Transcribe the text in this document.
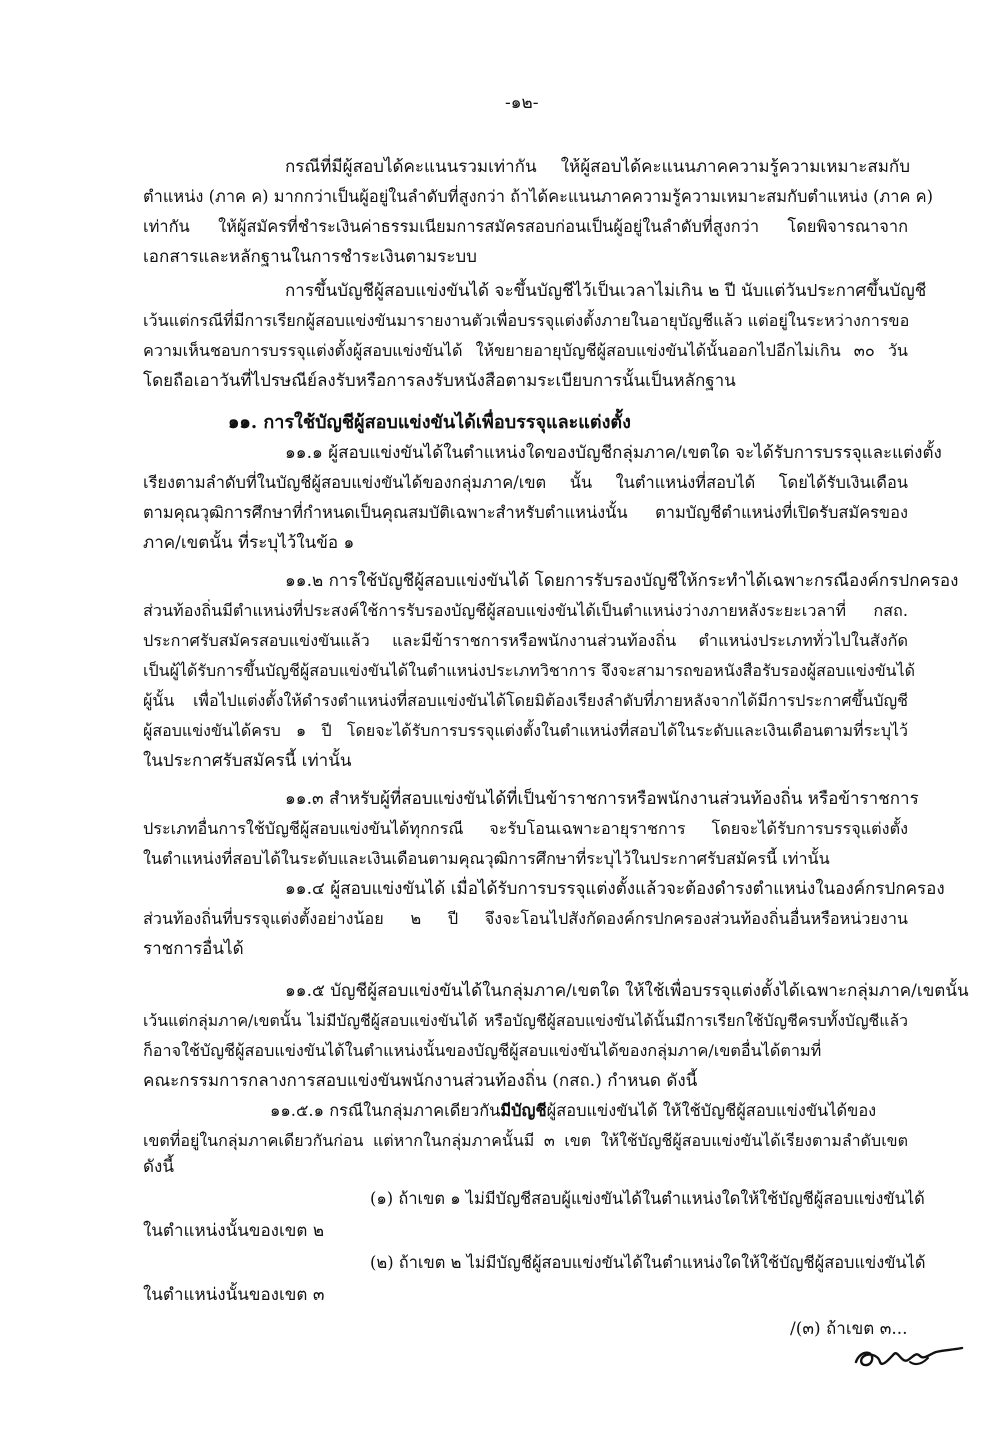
-๑๒-
กรณีที่มีผู้สอบได้คะแนนรวมเท่ากัน ให้ผู้สอบได้คะแนนภาคความรู้ความเหมาะสมกับ
ตำแหน่ง (ภาค ค) มากกว่าเป็นผู้อยู่ในลำดับที่สูงกว่า ถ้าได้คะแนนภาคความรู้ความเหมาะสมกับตำแหน่ง (ภาค ค)
เท่ากัน ให้ผู้สมัครที่ชำระเงินค่าธรรมเนียมการสมัครสอบก่อนเป็นผู้อยู่ในลำดับที่สูงกว่า โดยพิจารณาจาก
เอกสารและหลักฐานในการชำระเงินตามระบบ
การขึ้นบัญชีผู้สอบแข่งขันได้ จะขึ้นบัญชีไว้เป็นเวลาไม่เกิน ๒ ปี นับแต่วันประกาศขึ้นบัญชี
เว้นแต่กรณีที่มีการเรียกผู้สอบแข่งขันมารายงานตัวเพื่อบรรจุแต่งตั้งภายในอายุบัญชีแล้ว แต่อยู่ในระหว่างการขอ
ความเห็นชอบการบรรจุแต่งตั้งผู้สอบแข่งขันได้ ให้ขยายอายุบัญชีผู้สอบแข่งขันได้นั้นออกไปอีกไม่เกิน ๓๐ วัน
โดยถือเอาวันที่ไปรษณีย์ลงรับหรือการลงรับหนังสือตามระเบียบการนั้นเป็นหลักฐาน
๑๑. การใช้บัญชีผู้สอบแข่งขันได้เพื่อบรรจุและแต่งตั้ง
๑๑.๑ ผู้สอบแข่งขันได้ในตำแหน่งใดของบัญชีกลุ่มภาค/เขตใด จะได้รับการบรรจุและแต่งตั้ง
เรียงตามลำดับที่ในบัญชีผู้สอบแข่งขันได้ของกลุ่มภาค/เขต นั้น ในตำแหน่งที่สอบได้ โดยได้รับเงินเดือน
ตามคุณวุฒิการศึกษาที่กำหนดเป็นคุณสมบัติเฉพาะสำหรับตำแหน่งนั้น ตามบัญชีตำแหน่งที่เปิดรับสมัครของ
ภาค/เขตนั้น ที่ระบุไว้ในข้อ ๑
๑๑.๒ การใช้บัญชีผู้สอบแข่งขันได้ โดยการรับรองบัญชีให้กระทำได้เฉพาะกรณีองค์กรปกครอง
ส่วนท้องถิ่นมีตำแหน่งที่ประสงค์ใช้การรับรองบัญชีผู้สอบแข่งขันได้เป็นตำแหน่งว่างภายหลังระยะเวลาที่ กสถ.
ประกาศรับสมัครสอบแข่งขันแล้ว และมีข้าราชการหรือพนักงานส่วนท้องถิ่น ตำแหน่งประเภททั่วไปในสังกัด
เป็นผู้ได้รับการขึ้นบัญชีผู้สอบแข่งขันได้ในตำแหน่งประเภทวิชาการ จึงจะสามารถขอหนังสือรับรองผู้สอบแข่งขันได้
ผู้นั้น เพื่อไปแต่งตั้งให้ดำรงตำแหน่งที่สอบแข่งขันได้โดยมิต้องเรียงลำดับที่ภายหลังจากได้มีการประกาศขึ้นบัญชี
ผู้สอบแข่งขันได้ครบ ๑ ปี โดยจะได้รับการบรรจุแต่งตั้งในตำแหน่งที่สอบได้ในระดับและเงินเดือนตามที่ระบุไว้
ในประกาศรับสมัครนี้ เท่านั้น
๑๑.๓ สำหรับผู้ที่สอบแข่งขันได้ที่เป็นข้าราชการหรือพนักงานส่วนท้องถิ่น หรือข้าราชการ
ประเภทอื่นการใช้บัญชีผู้สอบแข่งขันได้ทุกกรณี จะรับโอนเฉพาะอายุราชการ โดยจะได้รับการบรรจุแต่งตั้ง
ในตำแหน่งที่สอบได้ในระดับและเงินเดือนตามคุณวุฒิการศึกษาที่ระบุไว้ในประกาศรับสมัครนี้ เท่านั้น
๑๑.๔ ผู้สอบแข่งขันได้ เมื่อได้รับการบรรจุแต่งตั้งแล้วจะต้องดำรงตำแหน่งในองค์กรปกครอง
ส่วนท้องถิ่นที่บรรจุแต่งตั้งอย่างน้อย ๒ ปี จึงจะโอนไปสังกัดองค์กรปกครองส่วนท้องถิ่นอื่นหรือหน่วยงาน
ราชการอื่นได้
๑๑.๕ บัญชีผู้สอบแข่งขันได้ในกลุ่มภาค/เขตใด ให้ใช้เพื่อบรรจุแต่งตั้งได้เฉพาะกลุ่มภาค/เขตนั้น
เว้นแต่กลุ่มภาค/เขตนั้น ไม่มีบัญชีผู้สอบแข่งขันได้ หรือบัญชีผู้สอบแข่งขันได้นั้นมีการเรียกใช้บัญชีครบทั้งบัญชีแล้ว
ก็อาจใช้บัญชีผู้สอบแข่งขันได้ในตำแหน่งนั้นของบัญชีผู้สอบแข่งขันได้ของกลุ่มภาค/เขตอื่นได้ตามที่
คณะกรรมการกลางการสอบแข่งขันพนักงานส่วนท้องถิ่น (กสถ.) กำหนด ดังนี้
๑๑.๕.๑ กรณีในกลุ่มภาคเดียวกันมีบัญชีผู้สอบแข่งขันได้ ให้ใช้บัญชีผู้สอบแข่งขันได้ของ
เขตที่อยู่ในกลุ่มภาคเดียวกันก่อน แต่หากในกลุ่มภาคนั้นมี ๓ เขต ให้ใช้บัญชีผู้สอบแข่งขันได้เรียงตามลำดับเขต
ดังนี้
(๑) ถ้าเขต ๑ ไม่มีบัญชีสอบผู้แข่งขันได้ในตำแหน่งใดให้ใช้บัญชีผู้สอบแข่งขันได้
ในตำแหน่งนั้นของเขต ๒
(๒) ถ้าเขต ๒ ไม่มีบัญชีผู้สอบแข่งขันได้ในตำแหน่งใดให้ใช้บัญชีผู้สอบแข่งขันได้
ในตำแหน่งนั้นของเขต ๓
/(๓) ถ้าเขต ๓...
